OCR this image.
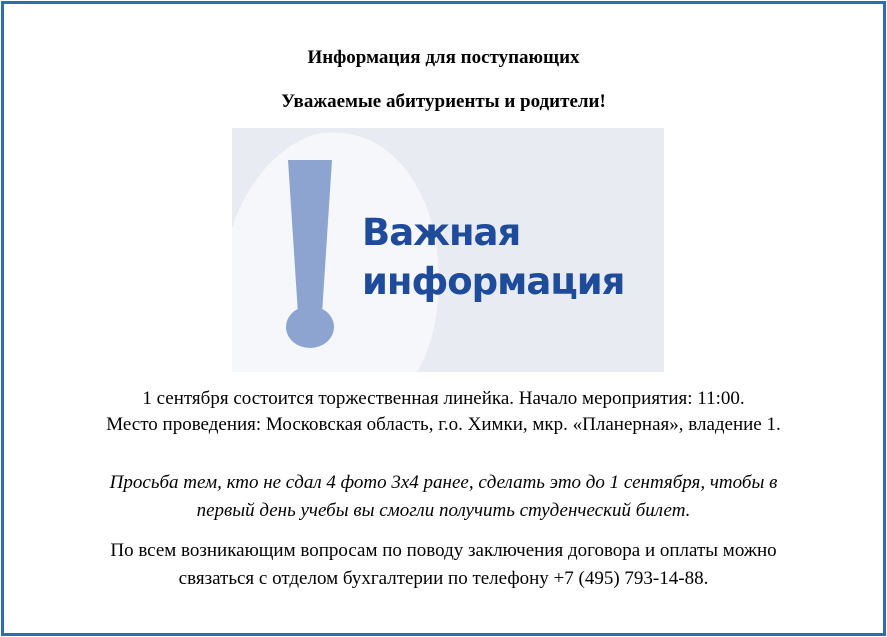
Информация для поступающих
Уважаемые абитуриенты и родители!
Важная
информация
1 сентября состоится торжественная линейка. Начало мероприятия: 11:00.
Место проведения: Московская область, г.о. Химки, мкр. «Планерная», владение 1.
Просьба тем, кто не сдал 4 фото 3х4 ранее, сделать это до 1 сентября, чтобы в
первый день учебы вы смогли получить студенческий билет.
По всем возникающим вопросам по поводу заключения договора и оплаты можно
связаться с отделом бухгалтерии по телефону +7 (495) 793-14-88.
